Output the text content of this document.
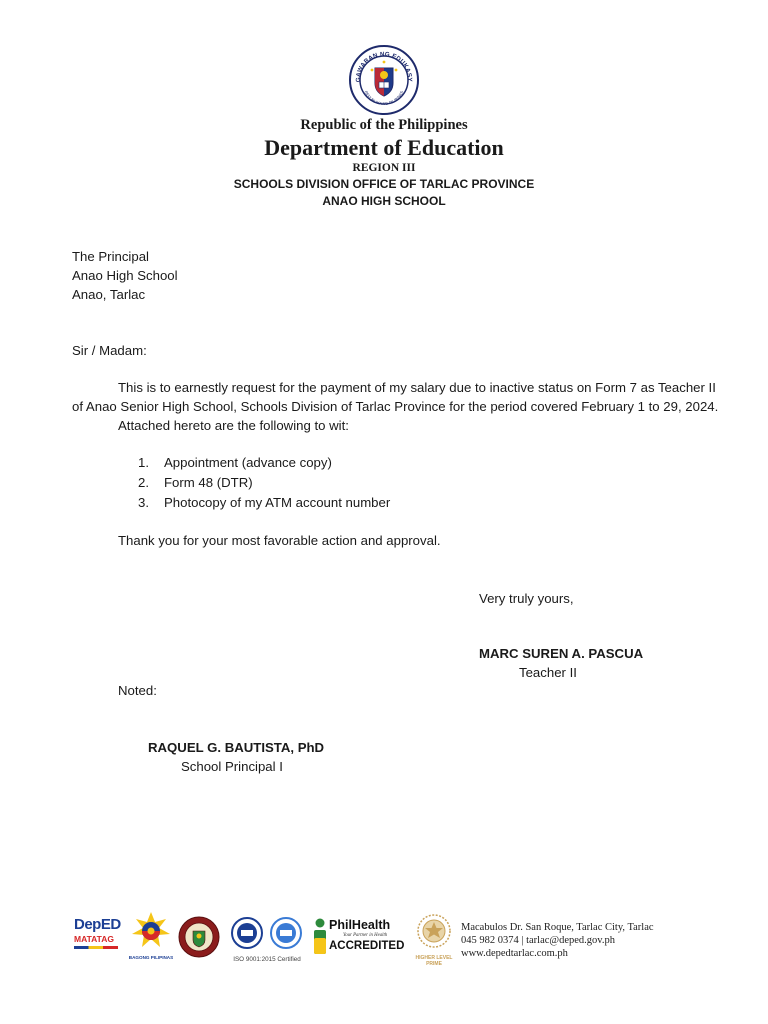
GAWARAN NG EDUKASY
REPUBLIKA NG PILIPINAS
Republic of the Philippines
Department of Education
REGION III
SCHOOLS DIVISION OFFICE OF TARLAC PROVINCE
ANAO HIGH SCHOOL
The Principal
Anao High School
Anao, Tarlac
Sir / Madam:
This is to earnestly request for the payment of my salary due to inactive status on Form 7 as Teacher II
of Anao Senior High School, Schools Division of Tarlac Province for the period covered February 1 to 29, 2024.
Attached hereto are the following to wit:
1. Appointment (advance copy)
2. Form 48 (DTR)
3. Photocopy of my ATM account number
Thank you for your most favorable action and approval.
Very truly yours,
MARC SUREN A. PASCUA
Teacher II
Noted:
RAQUEL G. BAUTISTA, PhD
School Principal I
DepED
MATATAG
BAGONG PILIPINAS	ISO 9001:2015 Certified
PhilHealth
Your Partner in Health
ACCREDITED
HIGHER LEVEL PRIME
Macabulos Dr. San Roque, Tarlac City, Tarlac
045 982 0374 | tarlac@deped.gov.ph
www.depedtarlac.com.ph
